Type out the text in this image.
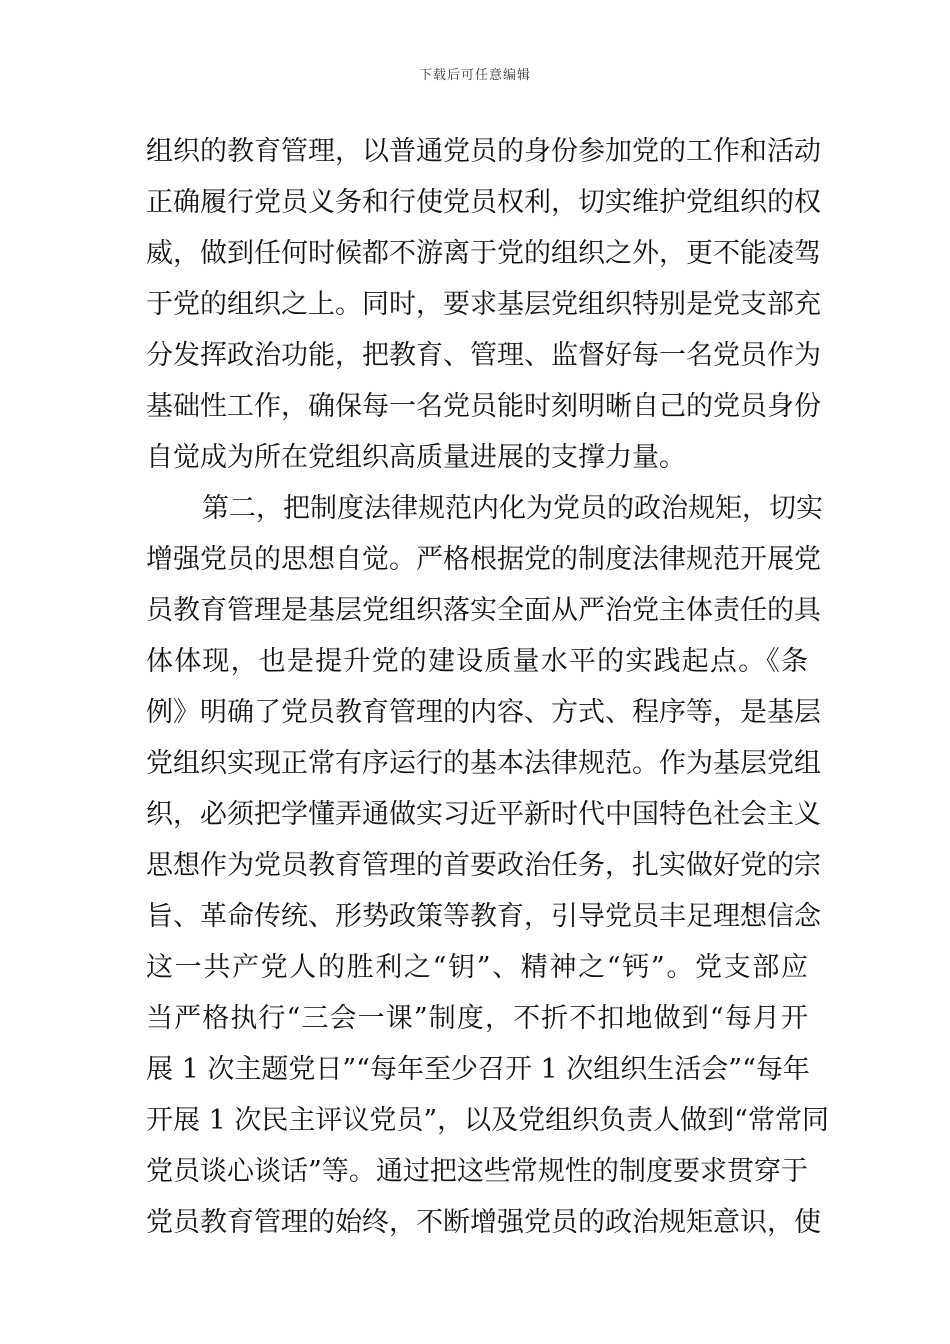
下载后可任意编辑
组织的教育管理，以普通党员的身份参加党的工作和活动
正确履行党员义务和行使党员权利，切实维护党组织的权
威，做到任何时候都不游离于党的组织之外，更不能凌驾
于党的组织之上。同时，要求基层党组织特别是党支部充
分发挥政治功能，把教育、管理、监督好每一名党员作为
基础性工作，确保每一名党员能时刻明晰自己的党员身份
自觉成为所在党组织高质量进展的支撑力量。
第二，把制度法律规范内化为党员的政治规矩，切实
增强党员的思想自觉。严格根据党的制度法律规范开展党
员教育管理是基层党组织落实全面从严治党主体责任的具
体体现，也是提升党的建设质量水平的实践起点。《条
例》明确了党员教育管理的内容、方式、程序等，是基层
党组织实现正常有序运行的基本法律规范。作为基层党组
织，必须把学懂弄通做实习近平新时代中国特色社会主义
思想作为党员教育管理的首要政治任务，扎实做好党的宗
旨、革命传统、形势政策等教育，引导党员丰足理想信念
这一共产党人的胜利之“钥”、精神之“钙”。党支部应
当严格执行“三会一课”制度，不折不扣地做到“每月开
展 1 次主题党日”“每年至少召开 1 次组织生活会”“每年
开展 1 次民主评议党员”，以及党组织负责人做到“常常同
党员谈心谈话”等。通过把这些常规性的制度要求贯穿于
党员教育管理的始终，不断增强党员的政治规矩意识，使
